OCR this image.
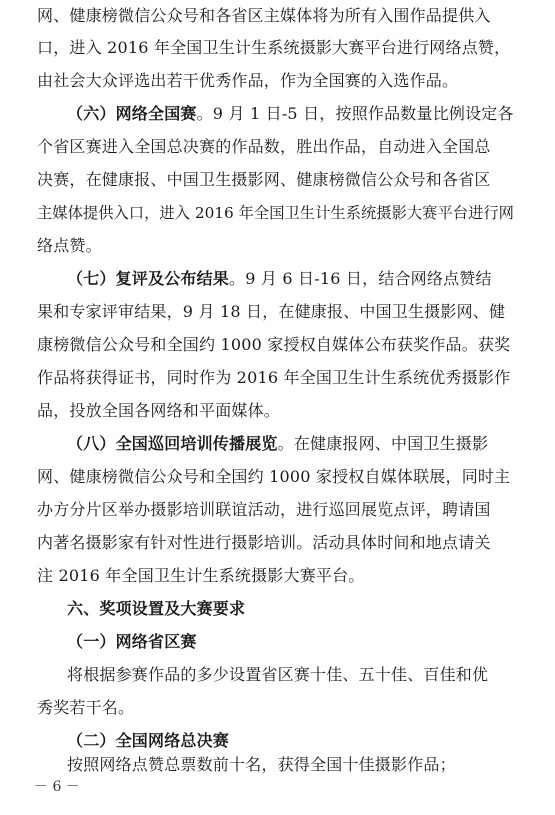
网、健康榜微信公众号和各省区主媒体将为所有入围作品提供入
口，进入 2016 年全国卫生计生系统摄影大赛平台进行网络点赞，
由社会大众评选出若干优秀作品，作为全国赛的入选作品。
（六）网络全国赛。9 月 1 日-5 日，按照作品数量比例设定各
个省区赛进入全国总决赛的作品数，胜出作品，自动进入全国总
决赛，在健康报、中国卫生摄影网、健康榜微信公众号和各省区
主媒体提供入口，进入 2016 年全国卫生计生系统摄影大赛平台进行网
络点赞。
（七）复评及公布结果。9 月 6 日-16 日，结合网络点赞结
果和专家评审结果，9 月 18 日，在健康报、中国卫生摄影网、健
康榜微信公众号和全国约 1000 家授权自媒体公布获奖作品。获奖
作品将获得证书，同时作为 2016 年全国卫生计生系统优秀摄影作
品，投放全国各网络和平面媒体。
（八）全国巡回培训传播展览。在健康报网、中国卫生摄影
网、健康榜微信公众号和全国约 1000 家授权自媒体联展，同时主
办方分片区举办摄影培训联谊活动，进行巡回展览点评，聘请国
内著名摄影家有针对性进行摄影培训。活动具体时间和地点请关
注 2016 年全国卫生计生系统摄影大赛平台。
六、奖项设置及大赛要求
（一）网络省区赛
将根据参赛作品的多少设置省区赛十佳、五十佳、百佳和优
秀奖若干名。
（二）全国网络总决赛
按照网络点赞总票数前十名，获得全国十佳摄影作品；
－ 6 －
